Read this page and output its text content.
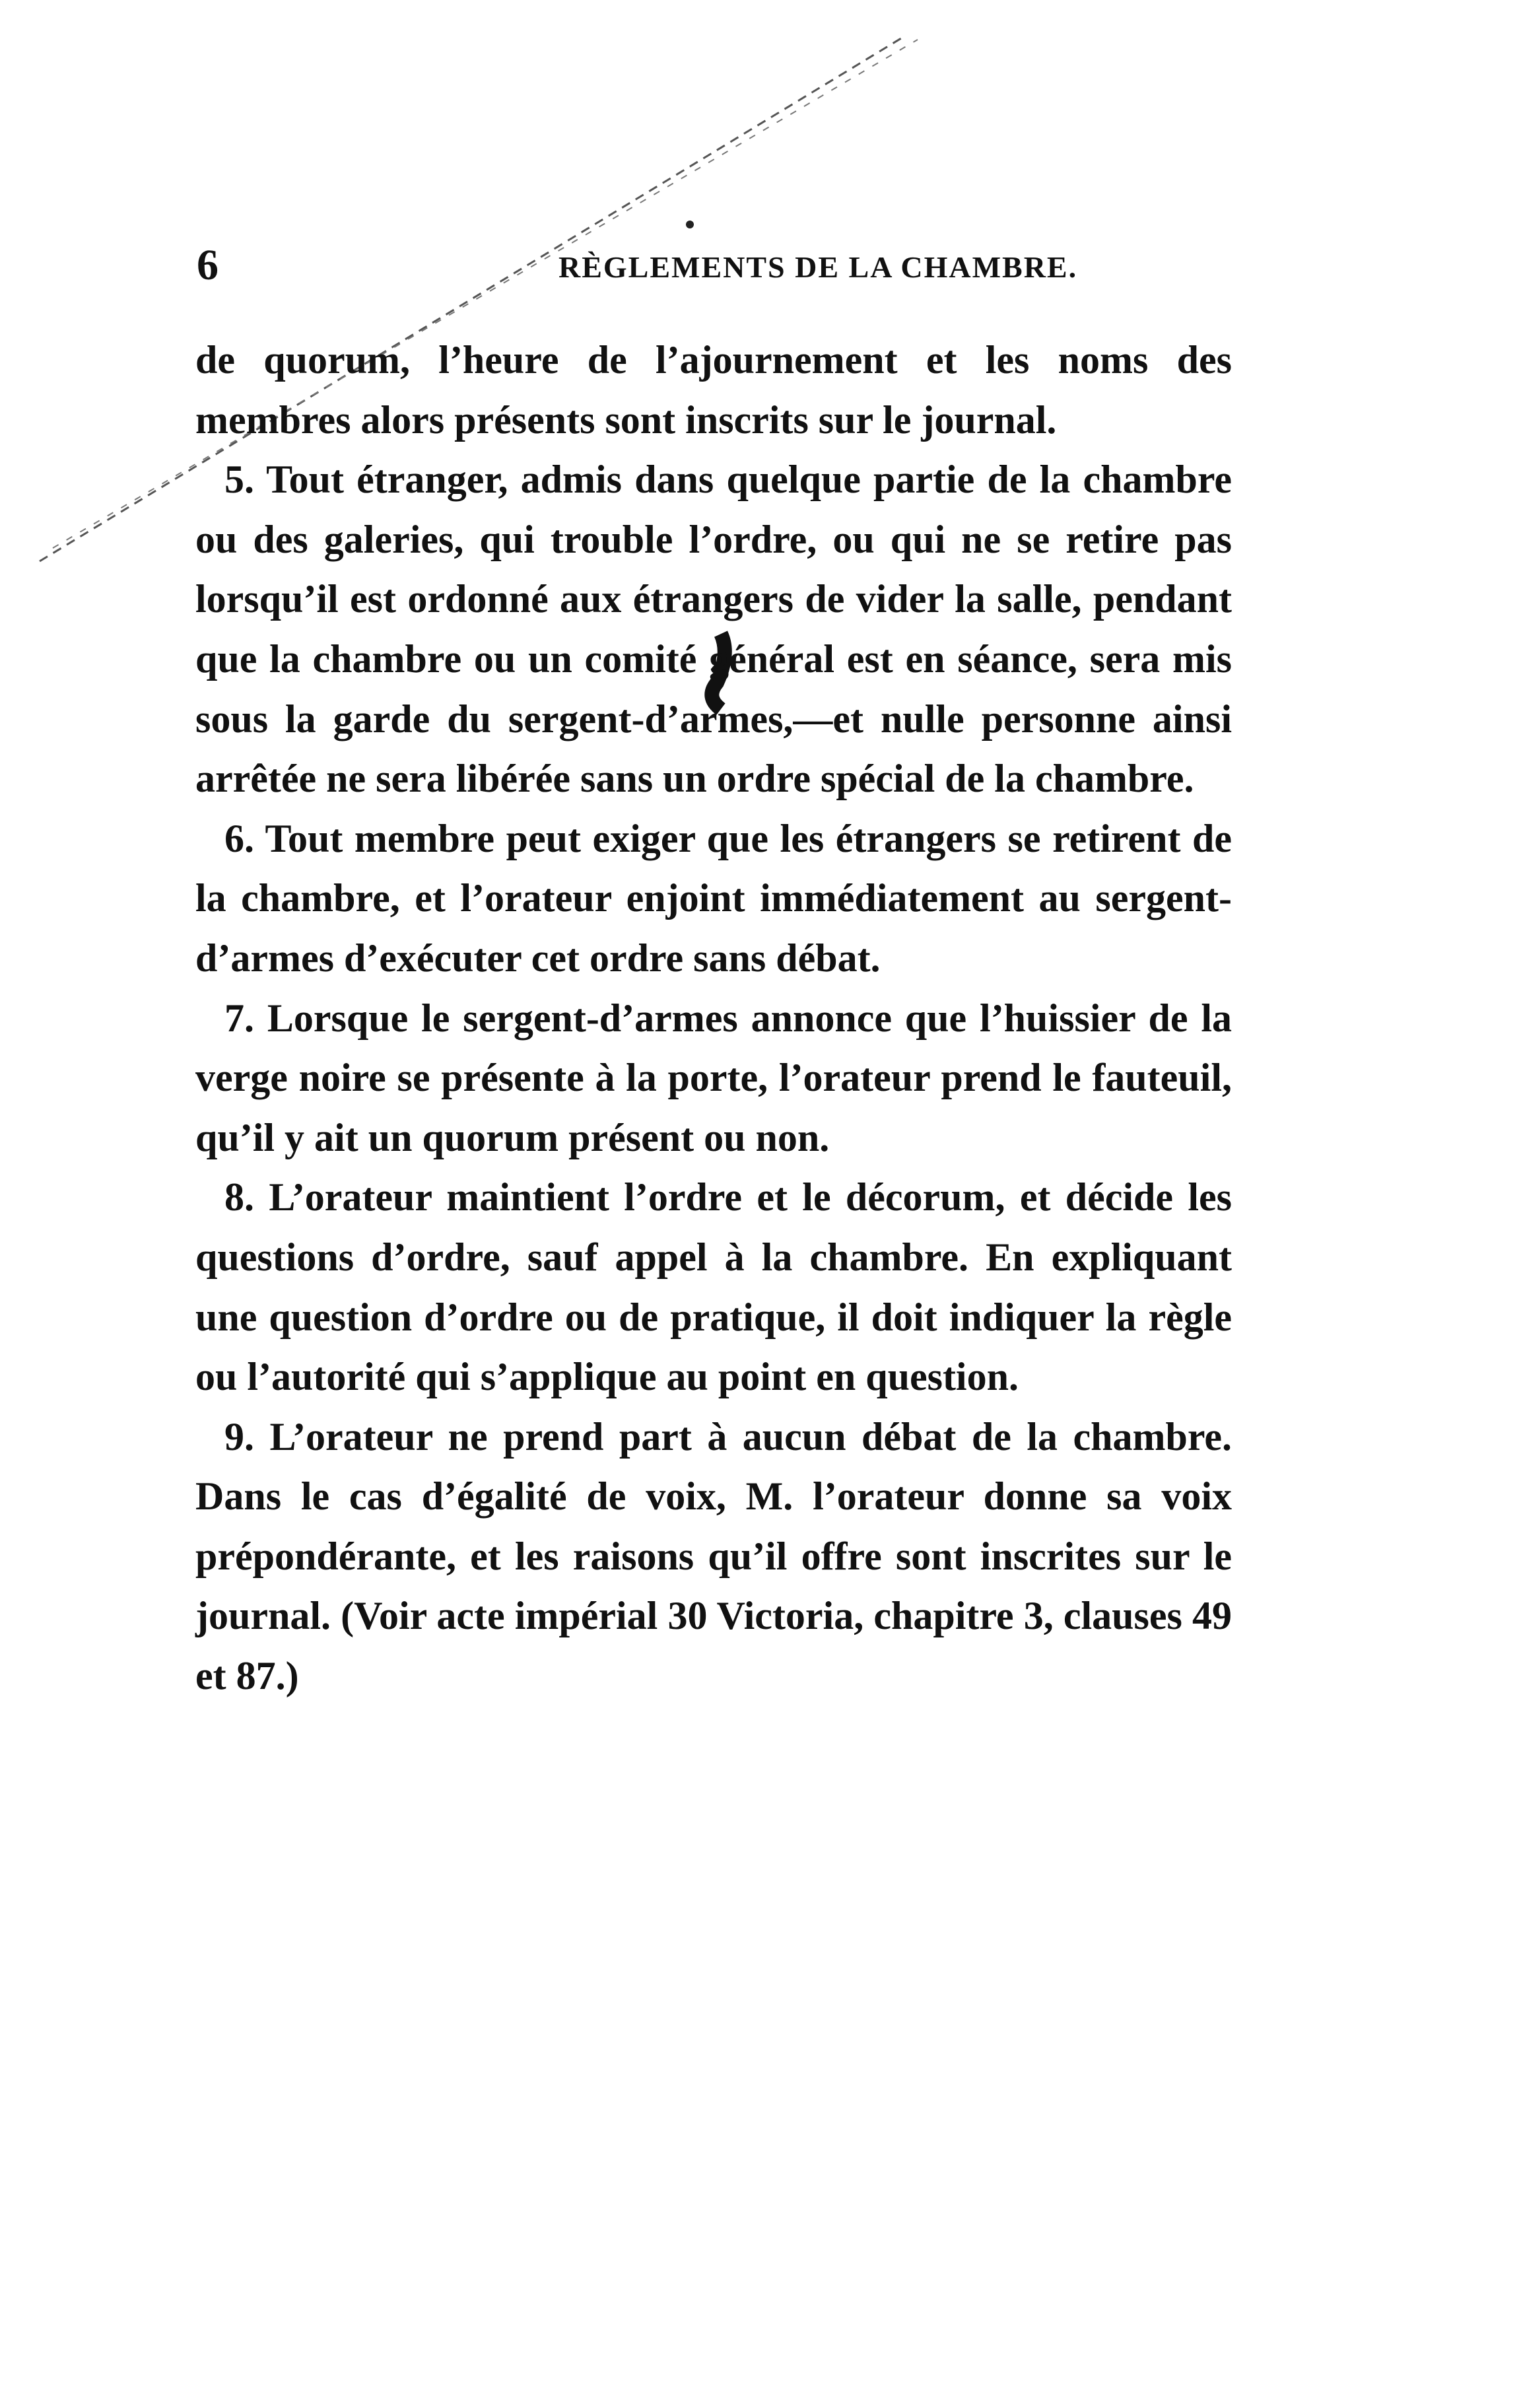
6	RÈGLEMENTS DE LA CHAMBRE.

de quorum, l’heure de l’ajournement et les noms des membres alors présents sont inscrits sur le journal.

5. Tout étranger, admis dans quelque partie de la chambre ou des galeries, qui trouble l’ordre, ou qui ne se retire pas lorsqu’il est ordonné aux étrangers de vider la salle, pendant que la chambre ou un comité général est en séance, sera mis sous la garde du sergent-d’armes,—et nulle personne ainsi arrêtée ne sera libérée sans un ordre spécial de la chambre.

6. Tout membre peut exiger que les étrangers se retirent de la chambre, et l’orateur enjoint immédiatement au sergent-d’armes d’exécuter cet ordre sans débat.

7. Lorsque le sergent-d’armes annonce que l’huissier de la verge noire se présente à la porte, l’orateur prend le fauteuil, qu’il y ait un quorum présent ou non.

8. L’orateur maintient l’ordre et le décorum, et décide les questions d’ordre, sauf appel à la chambre. En expliquant une question d’ordre ou de pratique, il doit indiquer la règle ou l’autorité qui s’applique au point en question.

9. L’orateur ne prend part à aucun débat de la chambre. Dans le cas d’égalité de voix, M. l’orateur donne sa voix prépondérante, et les raisons qu’il offre sont inscrites sur le journal. (Voir acte impérial 30 Victoria, chapitre 3, clauses 49 et 87.)
